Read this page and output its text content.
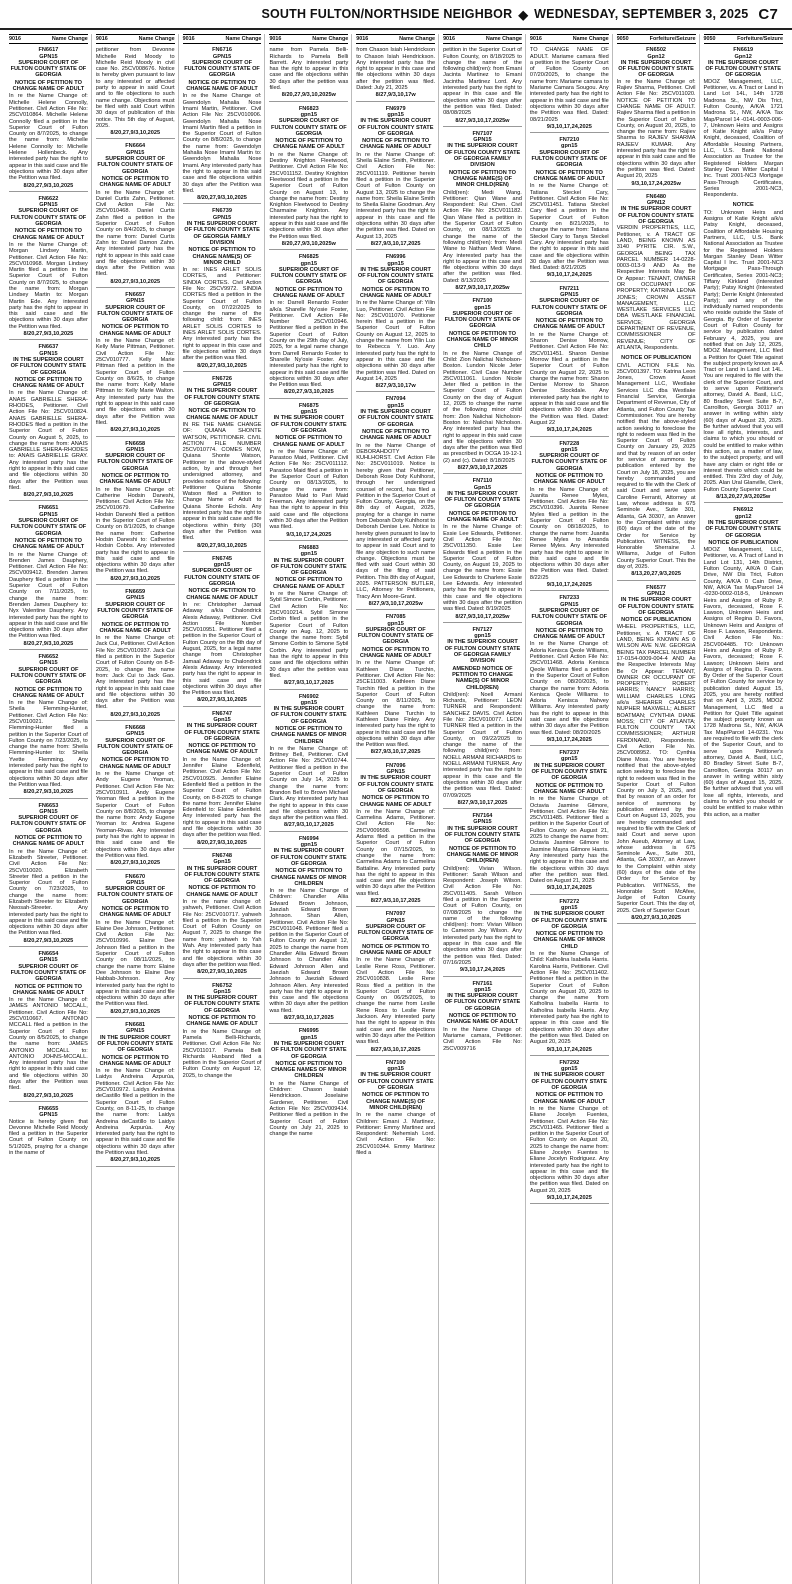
SOUTH FULTON/NORTHSIDE NEIGHBOR ◆ WEDNESDAY, SEPTEMBER 3, 2025 C7
9016	Name Change
FN6617
GPN15
SUPERIOR COURT OF FULTON COUNTY STATE OF GEORGIA
NOTICE OF PETITION TO CHANGE NAME OF ADULT

In re the Name Change of: Michelle Helene Connolly, Petitioner. Civil Action File No: 25CV010864. Michelle Helene Connolly filed a petition in the Superior Court of Fulton County on 8/7/2025, to change the name from: Michelle Helene Connolly to: Michelle Helene Hollenbeck. Any interested party has the right to appear in this said case and file objections within 30 days after the Petition was filed.

8/20,27,9/3,10,2025
FN6622
GPN15
SUPERIOR COURT OF FULTON COUNTY STATE OF GEORGIA
NOTICE OF PETITION TO CHANGE NAME OF ADULT

In re the Name Change of: Morgan Lindsey Martin, Petitioner. Civil Action File No: 25CV010968. Morgan Lindsey Martin filed a petition in the Superior Court of Fulton County on 8/7/2025, to change the name from: Morgan Lindsey Martin to: Morgan Martin Ede. Any interested party has the right to appear in this said case and file objections within 30 days after the Petition was filed.

8/20,27,9/3,10,2025
FN6637
GPN15
IN THE SUPERIOR COURT OF FULTON COUNTY STATE OF GEORGIA
NOTICE OF PETITION TO CHANGE NAME OF ADULT

In re the Name Change of: ANAIS GABRIELLE SHERA-RHODES, Petitioner. Civil Action File No: 25CV010824. ANAIS GABRIELLE SHERA-RHODES filed a petition in the Superior Court of Fulton County on August 5, 2025, to change the name from: ANAIS GABRIELLE SHERA-RHODES to: ANAIS GABRIELLE GRAY. Any interested party has the right to appear in this said case and file objections within 30 days after the Petition was filed.

8/20,27,9/3,10,2025
FN6651
GPN15
SUPERIOR COURT OF FULTON COUNTY STATE OF GEORGIA
NOTICE OF PETITION TO CHANGE NAME OF ADULT

In re the Name Change of: Brenden James Dauphery, Petitioner. Civil Action File No: 25CV009412. Brenden James Dauphery filed a petition in the Superior Court of Fulton County on 7/11/2025, to change the name from: Brenden James Dauphery to: Nyx Valentine Dauphery. Any interested party has the right to appear in this said case and file objections within 30 days after the Petition was filed.

8/20,27,9/3,10,2025
FN6652
GPN15
SUPERIOR COURT OF FULTON COUNTY STATE OF GEORGIA
NOTICE OF PETITION TO CHANGE NAME OF ADULT

In re the Name Change of: Sheila Flemming-Hunter, Petitioner. Civil Action File No: 25CV010021. Sheila Flemming-Hunter filed a petition in the Superior Court of Fulton County on 7/23/2025, to change the name from: Sheila Flemming-Hunter to: Sheila Yvette Flemming. Any interested party has the right to appear in this said case and file objections within 30 days after the Petition was filed.

8/20,27,9/3,10,2025
FN6653
GPN15
SUPERIOR COURT OF FULTON COUNTY STATE OF GEORGIA
NOTICE OF PETITION TO CHANGE NAME OF ADULT

In re the Name Change of: Elizabeth Streeter, Petitioner. Civil Action File No: 25CV010020. Elizabeth Streeter filed a petition in the Superior Court of Fulton County on 7/23/2025, to change the name from: Elizabeth Streeter to: Elizabeth Nwosah-Streeter. Any interested party has the right to appear in this said case and file objections within 30 days after the Petition was filed.

8/20,27,9/3,10,2025
FN6654
GPN15
SUPERIOR COURT OF FULTON COUNTY STATE OF GEORGIA
NOTICE OF PETITION TO CHANGE NAME OF ADULT

In re the Name Change of: JAMES ANTONIO MCCALL, Petitioner. Civil Action File No: 25CV010667. ANTONIO MCCALL filed a petition in the Superior Court of Fulton County on 8/5/2025, to change the name from: JAMES ANTONIO MCCALL to: ANTONIO JOHNS-MCCALL. Any interested party has the right to appear in this said case and file objections within 30 days after the Petition was filed.

8/20,27,9/3,10,2025
FN6655
GPN15

Notice is hereby given that Devonne Michelle Reid Moody filed a petition in the Superior Court of Fulton County on 5/1/2025, praying for a change in the name of

9016	Name Change

petitioner from Devonne Michelle Reid Moody to Michelle Reid Moody in civil case No. 25CV008676. Notice is hereby given pursuant to law to any interested or affected party to appear in said Court and to file objections to such name change. Objections must be filed with said Court within 30 days of publication of this notice. This 5th day of August, 2025.

8/20,27,9/3,10,2025
FN6664
GPN15
SUPERIOR COURT OF FULTON COUNTY STATE OF GEORGIA
NOTICE OF PETITION TO CHANGE NAME OF ADULT

In re the Name Change of: Daniel Curtis Zahn, Petitioner. Civil Action File No: 25CV010468. Daniel Curtis Zahn filed a petition in the Superior Court of Fulton County on 8/4/2025, to change the name from: Daniel Curtis Zahn to: Daniel Damon Zahn. Any interested party has the right to appear in this said case and file objections within 30 days after the Petition was filed.

8/20,27,9/3,10,2025
FN6657
GPN15
SUPERIOR COURT OF FULTON COUNTY STATE OF GEORGIA
NOTICE OF PETITION TO CHANGE NAME OF ADULT

In re the Name Change of: Kelly Marie Pittman, Petitioner. Civil Action File No: 25CV010777. Kelly Marie Pittman filed a petition in the Superior Court of Fulton County on 8/6/25, to change the name from: Kelly Marie Pittman to: Kelly Marie Walton. Any interested party has the right to appear in this said case and file objections within 30 days after the Petition was filed.

8/20,27,9/3,10,2025
FN6658
GPN15
SUPERIOR COURT OF FULTON COUNTY STATE OF GEORGIA
NOTICE OF PETITION TO CHANGE NAME OF ADULT

In re the Name Change of: Catherine Hodsin Daneshi, Petitioner. Civil Action File No: 25CV010679. Catherine Hodsin Daneshi filed a petition in the Superior Court of Fulton County on 8/1/2025, to change the name from: Catherine Hodsin Daneshi to: Catherine Hodsin Cobbs. Any interested party has the right to appear in this said case and file objections within 30 days after the Petition was filed.

8/20,27,9/3,10,2025
FN6659
GPN15
SUPERIOR COURT OF FULTON COUNTY STATE OF GEORGIA
NOTICE OF PETITION TO CHANGE NAME OF ADULT

In re the Name Change of: Jack Cui, Petitioner. Civil Action File No: 25CV010937. Jack Cui filed a petition in the Superior Court of Fulton County on 8-8-2025, to change the name from: Jack Cui to Jack Gao. Any interested party has the right to appear in this said case and file objections within 30 days after the Petition was filed.

8/20,27,9/3,10,2025
FN6668
GPN15
SUPERIOR COURT OF FULTON COUNTY STATE OF GEORGIA
NOTICE OF PETITION TO CHANGE NAME OF ADULT

In re the Name Change of: Andy Eugene Yeoman, Petitioner. Civil Action File No: 25CV010911. Andy Eugene Yeoman filed a petition in the Superior Court of Fulton County on 8/8/2025, to change the name from: Andy Eugene Yeoman to: Andrea Eugene Yeoman-Rivas. Any interested party has the right to appear in this said case and file objections within 30 days after the Petition was filed.

8/20,27,9/3,10,2025
FN6670
GPN15
SUPERIOR COURT OF FULTON COUNTY STATE OF GEORGIA
NOTICE OF PETITION TO CHANGE NAME OF ADULT

In re the Name Change of: Elaine Dee Johnson, Petitioner. Civil Action File No: 25CV010996. Elaine Dee Johnson filed a petition in the Superior Court of Fulton County on 08/11/2025, to change the name from: Elaine Dee Johnson to Elaine Dee Habbab-Johnson. Any interested party has the right to appear in this said case and file objections within 30 days after the Petition was filed.

8/20,27,9/3,10,2025
FN6681
GPN15
IN THE SUPERIOR COURT OF FULTON COUNTY STATE OF GEORGIA
NOTICE OF PETITION TO CHANGE NAME OF ADULT

In re the Name Change of: Laidys Andreina Azpurúa, Petitioner. Civil Action File No: 25CV010972. Laidys Andreina deCastillo filed a petition in the Superior Court of Fulton County, on 8-11-25, to change the name from: Laidys Andreina deCastillo to Laidys Andreina Azpurúa. Any interested party has the right to appear in this said case and file objections within 30 days after the Petition was filed.

8/20,27,9/3,10,2025
9016	Name Change
FN6716
GPN15
SUPERIOR COURT OF FULTON COUNTY STATE OF GEORGIA
NOTICE OF PETITION TO CHANGE NAME OF ADULT

In re the Name Change of: Gwendolyn Mahalia Nose Imami Martin, Petitioner. Civil Action File No: 25CV010906. Gwendolyn Mahalia Nose Imami Martin filed a petition in the Superior Court of Fulton County on 8/8/2025, to change the name from: Gwendolyn Mahalia Nose Imami Martin to: Gwendolyn Mahalia Nose Imami. Any interested party has the right to appear in this said case and file objections within 30 days after the Petition was filed.

8/20,27,9/3,10,2025
FN6739
GPN15
IN THE SUPERIOR COURT OF FULTON COUNTY STATE OF GEORGIA FAMILY DIVISION
NOTICE OF PETITION TO CHANGE NAME(S) OF MINOR CHILD

In re: INES ARLET SOLIS CORTES, and Petitioner: SINDIA CORTES. Civil Action File No: 25CV9972. SINDIA CORTES filed a petition in the Superior Court of Fulton County, on 07/22/2025 to change the name of the following child: from: INES ARLET SOLIS CORTES to INES ARLET SOLIS CORTES. Any interested party has the right to appear in this case and file objections within 30 days after the petition was filed.

8/20,27,9/3,10,2025
FN6726
GPN15
IN THE SUPERIOR COURT OF FULTON COUNTY STATE OF GEORGIA
NOTICE OF PETITION TO CHANGE NAME OF ADULT

IN RE THE NAME CHANGE OF: QUIANA SHONTE WATSON, PETITIONER. CIVIL ACTION FILE NUMBER 25CV010774. COMES NOW, Quiana Shonte Watson, Petitioner in the above-styled action, by and through her undersigned attorney, and provides notice of the following: Petitioner Quiana Shonte Watson filed a Petition to Change Name of Adult to Quiana Shonte Echols. Any interested party has the right to appear in this said case and file objections within thirty (30) days after the Petition was filed.

8/20,27,9/3,10,2025
FN6745
gpn15
SUPERIOR COURT OF FULTON COUNTY STATE OF GEORGIA
NOTICE OF PETITION TO CHANGE NAME OF ADULT

In re: Christopher Jamaal Adaway a/k/a Chalondrick Alexis Adaway, Petitioner. Civil Action File Number 25CV010951. Petitioner filed a petition in the Superior Court of Fulton County on the 8th day of August, 2025, for a legal name change from Christopher Jamaal Adaway to Chalondrick Alexis Adaway. Any interested party has the right to appear in this said case and file objections within 30 days after the Petition was filed.

8/20,27,9/3,10,2025
FN6747
Gpn15
IN THE SUPERIOR COURT OF FULTON COUNTY STATE OF GEORGIA
NOTICE OF PETITION TO CHANGE NAME OF ADULT

In re the Name Change of: Jennifer Elaine Edenfield, Petitioner. Civil Action File No: 25CV010925. Jennifer Elaine Edenfield filed a petition in the Superior Court of Fulton County, on 8-8-2025 to change the name from: Jennifer Elaine Edenfield to: Elaine Edenfield. Any interested party has the right to appear in this said case and file objections within 30 days after the petition was filed.

8/20,27,9/3,10,2025
FN6748
Gpn15
IN THE SUPERIOR COURT OF FULTON COUNTY STATE OF GEORGIA
NOTICE OF PETITION TO CHANGE NAME OF ADULT

In re the name change of: yahweh, Petitioner. Civil Action File No: 25CV010717. yahweh filed a petition in the Superior Court of Fulton County on August 7, 2025 to change the name from: yahweh to Yah Wah. Any interested party has the right to appear in this case and file objections within 30 days after the petition was filed.

8/20,27,9/3,10,2025
FN6752
Gpn15
IN THE SUPERIOR COURT OF FULTON COUNTY STATE OF GEORGIA
NOTICE OF PETITION TO CHANGE NAME OF ADULT

In re the Name Change of: Pamela Belli-Richards, Petitioner. Civil Action File No: 25CV011017. Pamela Belli Richards Husband filed a petition in the Superior Court of Fulton County on August 12, 2025, to change the

9016	Name Change

name from Pamela Belli-Richards to Pamela Belli Barrett. Any interested party has the right to appear in this case and file objections within 30 days after the petition was filed.

8/20,27,9/3,10,2025w
FN6823
gpn15
SUPERIOR COURT OF FULTON COUNTY STATE OF GEORGIA
NOTICE OF PETITION TO CHANGE NAME OF ADULT

In re the Name Change of: Destiny Knighton Fleetwood, Petitioner. Civil Action File No: 25CV011152. Destiny Knighton Fleetwood filed a petition in the Superior Court of Fulton County on August 13, to change the name from: Destiny Knighton Fleetwood to Destiny Charmaine Knighton. Any interested party has the right to appear in this said case and file objections within 30 days after the Petition was filed.

8/20,27,9/3,10,2025w
FN6825
gpn15
SUPERIOR COURT OF FULTON COUNTY STATE OF GEORGIA
NOTICE OF PETITION TO CHANGE NAME OF ADULT

In re: Darrell Renardo Foster a/k/a Sharelle Ny'osie Foster, Petitioner. Civil Action File Number 25CV010946. Petitioner filed a petition in the Superior Court of Fulton County on the 29th day of July, 2025, for a legal name change from Darrell Renardo Foster to Sharelle Ny'osie Foster. Any interested party has the right to appear in this said case and file objections within 30 days after the Petition was filed.

8/20,27,9/3,10,2025
FN6875
gpn15
IN THE SUPERIOR COURT OF FULTON COUNTY STATE OF GEORGIA
NOTICE OF PETITION TO CHANGE NAME OF ADULT

In re the Name Change of: Parastoo Maid, Petitioner. Civil Action File No: 25CV011112. Parastoo Maid filed a petition in the Superior Court of Fulton County on 08/13/2025, to change the name from: Parastoo Maid to Pari Maid Freeman. Any interested party has the right to appear in this said case and file objections within 30 days after the Petition was filed.

9/3,10,17,24,2025
FN6883
gpn15
IN THE SUPERIOR COURT OF FULTON COUNTY STATE OF GEORGIA
NOTICE OF PETITION TO CHANGE NAME OF ADULT

In re the Name Change of: Sybil Simone Corbin, Petitioner. Civil Action File No: 25CV010214. Sybil Simone Corbin filed a petition in the Superior Court of Fulton County on Aug. 12, 2025 to change the name from: Sybil Simone Corbin to Simone Sybil Corbin. Any interested party has the right to appear in this case and file objections within 30 days after the petition was filed.

8/27,9/3,10,17,2025
FN6902
gpn15
IN THE SUPERIOR COURT OF FULTON COUNTY STATE OF GEORGIA
NOTICE OF PETITION TO CHANGE NAMES OF MINOR CHILDREN

In re the Name Change of: Brittney Bell, Petitioner. Civil Action File No: 25CV010744. Petitioner filed a petition in the Superior Court of Fulton County on July 14, 2025 to change the name from: Brandon Bell to Brown Michael Clark. Any interested party has the right to appear in this case and file objections within 30 days after the petition was filed.

8/27,9/3,10,17,2025
FN6994
gpn15
IN THE SUPERIOR COURT OF FULTON COUNTY STATE OF GEORGIA
NOTICE OF PETITION TO CHANGE NAMES OF MINOR CHILDREN

In re the Name Change of Children: Chandler Aliia Edward Brown Johnson, Jaeziah Edward Brown Johnson. Shan Allen, Petitioner. Civil Action File No: 25CV011048. Petitioner filed a petition in the Superior Court of Fulton County on August 12, 2025 to change the name from Chandler Aliia Edward Brown Johnson to Chandler Aliia Edward Johnson Allen and Jaeziah Edward Brown Johnson to Jaeziah Edward Johnson Allen. Any interested party has the right to appear in this case and file objections within 30 days after the petition was filed.

8/27,9/3,10,17,2025
FN6995
gpn15
IN THE SUPERIOR COURT OF FULTON COUNTY STATE OF GEORGIA
NOTICE OF PETITION TO CHANGE NAMES OF MINOR CHILDREN

In re the Name Change of Children: Chason Isaiah Hendrickson. Joselaine Gardener, Petitioner. Civil Action File No: 25CV009414. Petitioner filed a petition in the Superior Court of Fulton County on July 21, 2025 to change the name

9016	Name Change

from Chason Isiah Hendrickson to Chason Isiah Hendrickson. Any interested party has the right to appear in this case and file objections within 30 days after the petition was filed. Dated: July 21, 2025

8/27,9/3,10,17w
FN6979
gpn15
IN THE SUPERIOR COURT OF FULTON COUNTY STATE OF GEORGIA
NOTICE OF PETITION TO CHANGE NAME OF ADULT

In re the Name Change of: Sheila Elaine Smith, Petitioner. Civil Action File No: 25CV011119. Petitioner herein filed a petition in the Superior Court of Fulton County on August 13, 2025 to change the name from: Sheila Elaine Smith to Sheila Elaine Goodman. Any interested party has the right to appear in this case and file objections within 30 days after the petition was filed. Dated on August 13, 2025

8/27,9/3,10,17,2025
FN6996
gpn15
IN THE SUPERIOR COURT OF FULTON COUNTY STATE OF GEORGIA
NOTICE OF PETITION TO CHANGE NAME OF ADULT

In re the Name Change of: Yilin Luo, Petitioner. Civil Action File No: 25CV011070. Petitioner herein filed a petition in the Superior Court of Fulton County on August 12, 2025 to change the name from Yilin Luo to Rebecca Y. Luo. Any interested party has the right to appear in this case and file objections within 30 days after the petition was filed. Dated on August 14, 2025

8/27,9/3,10,17w
FN7094
gpn15
IN THE SUPERIOR COURT OF FULTON COUNTY STATE OF GEORGIA
NOTICE OF PETITION TO CHANGE NAME OF ADULT

In re the Name Change of DEBORAHDOTY KUHLHORST. Civil Action File No: 25CV011019. Notice is hereby given that Petitioner, Deborah Rose Doty Kuhlhorst, through her undersigned counsel of record, has filed a Petition in the Superior Court of Fulton County, Georgia, on the 8th day of August, 2025, praying for a change in name from Deborah Doty Kuhlhorst to Deborah Denise Lee. Notice is hereby given pursuant to law to any interested or affected party to appear in said Court and to file any objection to such name change. Objections must be filed with said Court within 30 days of the filing of said Petition. This 8th day of August, 2025. PATTERSON BUTLER, LLC, Attorney for Petitioners, Tracy Ann Moore-Grant.

8/27,9/3,10,17,2025w
FN7085
gpn15
SUPERIOR COURT OF FULTON COUNTY STATE OF GEORGIA
NOTICE OF PETITION TO CHANGE NAME OF ADULT

In re the Name Change of: Kathleen Diane Turchin, Petitioner. Civil Action File No: 25CE11003. Kathleen Diane Turchin filed a petition in the Superior Court of Fulton County on 8/11/2025, to change the name from: Kathleen Diane Turchin to Kathleen Diane Finley. Any interested party has the right to appear in this said case and file objections within 30 days after the Petition was filed.

8/27,9/3,10,17,2025
FN7096
GPN15
IN THE SUPERIOR COURT OF FULTON COUNTY STATE OF GEORGIA
NOTICE OF PETITION TO CHANGE NAME OF ADULT

In re the Name Change of: Carmelina Adams, Petitioner. Civil Action File No: 25CV009598. Carmelina Adams filed a petition in the Superior Court of Fulton County on 07/15/2025, to change the name from: Carmelina Adams to Carmelina Battaline. Any interested party has the right to appear in this said case and file objections within 30 days after the Petition was filed.

8/27,9/3,10,17,2025
FN7097
GPN15
SUPERIOR COURT OF FULTON COUNTY STATE OF GEORGIA
NOTICE OF PETITION TO CHANGE NAME OF ADULT

In re the Name Change of: Leslie Rene Ross, Petitioner. Civil Action File No: 25CV010838. Leslie Rene Ross filed a petition in the Superior Court of Fulton County on 06/25/2025, to change the name from Leslie Rene Ross to Leslie Rene Jackson. Any interested party has the right to appear in this said case and file objections within 30 days after the Petition was filed.

8/27,9/3,10,17,2025
FN7100
gpn15
IN THE SUPERIOR COURT OF FULTON COUNTY STATE OF GEORGIA
NOTICE OF PETITION TO CHANGE NAME(S) OF MINOR CHILD(REN)

In re the name change of Children: Emani J. Martinez, Petitioner: Emmy Martinez and Respondent: Nehemiah Lord. Civil Action File No: 25CV010344. Emmy Martinez filed a

9016	Name Change

petition in the Superior Court of Fulton County, on 8/18/2025 to change the name of the following child(ren): from Emani Jacinta Martinez to Emani Jacintha Martinez Lord. Any interested party has the right to appear in this case and file objections within 30 days after the petition was filed. Dated: 08/08/2025

8/27,9/3,10,17,2025w
FN7107
GPN15
IN THE SUPERIOR COURT OF FULTON COUNTY STATE OF GEORGIA FAMILY DIVISION
NOTICE OF PETITION TO CHANGE NAME(S) OF MINOR CHILD(REN)

Child(ren): Medi Wang. Petitioner: Qian Wane and Respondent: Rui Chen. Civil Action File No: 25CV011182. Qian Wane filed a petition in the Superior Court of Fulton County, on 08/13/2025 to change the name of the following child(ren): from: Medi Wane to Nathan Medi Wane. Any interested party has the right to appear in this case and file objections within 30 days after the petition was filed. Dated: 8/13/2025

8/27,9/3,10,17,2025w
FN7100
gpn15
SUPERIOR COURT OF FULTON COUNTY STATE OF GEORGIA
NOTICE OF PETITION TO CHANGE NAME OF MINOR CHILD

In re the Name Change of Child: Zion Nalichai Nicholson-Boston. Lundon Nicole Jeter Petitioner. Civil Case Number 25CV011061. Lundon Nicole Jeter filed a petition in the Superior Court of Fulton County on the day of August 12, 2025 to change the name of the following minor child from: Zion Nalichai Nicholson-Boston to: Nalichai Nicholson. Any interested party has the right to appear in this said case and file objections within 30 days after the petition was filed as prescribed in OCGA 19-12-1 (2) and (c). Dated: 8/18/2025

8/27,9/3,10,17,2025
FN7110
Gpn15
IN THE SUPERIOR COURT OF FULTON COUNTY STATE OF GEORGIA
NOTICE OF PETITION TO CHANGE NAME OF ADULT

In re the Name Change of: Essie Lee Edwards, Petitioner. Civil Action File No: 25CV011350. Essie Lee Edwards filed a petition in the Superior Court of Fulton County, on August 19, 2025 to change the name from: Essie Lee Edwards to Charlene Essie Lee Edwards. Any interested party has the right to appear in this case and file objections within 30 days after the petition was filed. Dated: 8/19/2025

8/27,9/3,10,17,2025w
FN7127
gpn15
IN THE SUPERIOR COURT OF FULTON COUNTY STATE OF GEORGIA FAMILY DIVISION
AMENDED NOTICE OF PETITION TO CHANGE NAME(S) OF MINOR CHILD(REN)

Child(ren): Noell Armani Richards, Petitioner: LEON TURNER and Respondent: SANCHEZ DAVIS. Civil Action File No: 25CV010077. LEON TURNER filed a petition in the Superior Court of Fulton County, on 09/22/2025 to change the name of the following child(ren): from: NOELL ARMANI RICHARDS to NOELL ARMANI TURNER. Any interested party has the right to appear in this case and file objections within 30 days after the petition was filed. Dated: 07/09/2025

8/27,9/3,10,17,2025
FN7164
GPN15
IN THE SUPERIOR COURT OF FULTON COUNTY STATE OF GEORGIA
NOTICE OF PETITION TO CHANGE NAME OF MINOR CHILD(REN)

Child(ren): Vivian Wilson. Petitioner: Sarah Wilson and Respondent: Joseph Wilson. Civil Action File No: 25CV011405. Sarah Wilson filed a petition in the Superior Court of Fulton County, on 07/08/2025 to change the name of the following child(ren): from: Vivian Wilson to Cameron Joy Wilson. Any interested party has the right to appear in this case and file objections within 30 days after the petition was filed. Dated: 07/16/2025

9/3,10,17,24,2025
FN7161
gpn15
IN THE SUPERIOR COURT OF FULTON COUNTY STATE OF GEORGIA
NOTICE OF PETITION TO CHANGE NAME OF ADULT

In re the Name Change of: Mariame camara, Petitioner. Civil Action File No: 25CV009716

9016	Name Change

TO CHANGE NAME OF ADULT. Mariame camara filed a petition in the Superior Court of Fulton County on 07/20/2025, to change the name from: Mariame camara to Mariame Camara Sougou. Any interested party has the right to appear in this said case and file objections within 30 days after the Petition was filed. Dated: 08/21/2025

9/3,10,17,24,2025
FN7210
gpn15
SUPERIOR COURT OF FULTON COUNTY STATE OF GEORGIA
NOTICE OF PETITION TO CHANGE NAME OF ADULT

In re the Name Change of: Tatiana Steckel Cary, Petitioner. Civil Action File No: 25CV011451. Tatiana Steckel Cary filed a petition in the Superior Court of Fulton County on 8/21/2025, to change the name from: Tatiana Steckel Cary to Tanya Steckel Cary. Any interested party has the right to appear in this said case and file objections within 30 days after the Petition was filed. Dated: 8/21/2025

9/3,10,17,24,2025
FN7211
GPN15
SUPERIOR COURT OF FULTON COUNTY STATE OF GEORGIA
NOTICE OF PETITION TO CHANGE NAME OF ADULT

In re the Name Change of: Sharon Denise Morrow, Petitioner. Civil Action File No: 25CV011451. Sharon Denise Morrow filed a petition in the Superior Court of Fulton County on August 22, 2025 to change the name from: Sharon Denise Morrow to Sharon Denise Stockdale. Any interested party has the right to appear in this said case and file objections within 30 days after the Petition was filed. Dated: August 22

9/3,10,17,24,2025
FN7228
gpn15
SUPERIOR COURT OF FULTON COUNTY STATE OF GEORGIA
NOTICE OF PETITION TO CHANGE NAME OF ADULT

In re the Name Change of: Juanita Renee Myles, Petitioner. Civil Action File No: 25CV010396. Juanita Renee Myles filed a petition in the Superior Court of Fulton County on 08/18/2025, to change the name from: Juanita Renee Myles to Amanda Renee Myles. Any interested party has the right to appear in this said case and file objections within 30 days after the Petition was filed. Dated: 8/22/25

9/3,10,17,24,2025
FN7233
GPN15
SUPERIOR COURT OF FULTON COUNTY STATE OF GEORGIA
NOTICE OF PETITION TO CHANGE NAME OF ADULT

In re the Name Change of: Adoria Kenisca Qeole Williams, Petitioner. Civil Action File No: 25CV011468. Adoria Kenisca Qeole Williams filed a petition in the Superior Court of Fulton County on 08/20/2025, to change the name from: Adoria Kenisca Qeole Williams to Adoria Kenisca Nahvey Williams. Any interested party has the right to appear in this said case and file objections within 30 days after the Petition was filed. Dated: 08/20/2025

9/3,10,17,24,2025
FN7237
gpn15
IN THE SUPERIOR COURT OF FULTON COUNTY STATE OF GEORGIA
NOTICE OF PETITION TO CHANGE NAME OF ADULT

In re the Name Change of: Octavia Jasmine Gilmore, Petitioner. Civil Action File No: 25CV011485. Petitioner filed a petition in the Superior Court of Fulton County on August 21, 2025 to change the name from: Octavia Jasmine Gilmore to Jasmine Mayra Gilmore Harris. Any interested party has the right to appear in this case and file objections within 30 days after the petition was filed. Dated on August 21, 2025

9/3,10,17,24,2025
FN7272
gpn15
IN THE SUPERIOR COURT OF FULTON COUNTY STATE OF GEORGIA
NOTICE OF PETITION TO CHANGE NAME OF MINOR CHILD

In re the Name Change of Child: Katholina Isabella Harris. Karolina Harris, Petitioner. Civil Action File No: 25CV011402. Petitioner filed a petition in the Superior Court of Fulton County on August 20, 2025 to change the name from Katholina Isabella Harris to Katholina Isabella Harris. Any interested party has the right to appear in this case and file objections within 30 days after the petition was filed. Dated on August 20, 2025

9/3,10,17,24,2025
FN7292
gpn15
IN THE SUPERIOR COURT OF FULTON COUNTY STATE OF GEORGIA
NOTICE OF PETITION TO CHANGE NAME OF ADULT

In re the Name Change of: Eliane Jocelyn Fuentes, Petitioner. Civil Action File No: 25CV011465. Petitioner filed a petition in the Superior Court of Fulton County on August 20, 2025 to change the name from: Eliane Jocelyn Fuentes to Eliane Jocelyn Rodriguez. Any interested party has the right to appear in this case and file objections within 30 days after the petition was filed. Dated on August 20, 2025

9/3,10,17,24,2025
9050	Forfeiture/Seizure
FN6502
Gpn12
IN THE SUPERIOR COURT OF FULTON COUNTY STATE OF GEORGIA

In re the Name Change of: Rajiev Sharma, Petitioner. Civil Action File No: 25CV011020. NOTICE OF PETITION TO CHANGE NAME OF ADULT. Rajiev Sharma filed a petition in the Superior Court of Fulton County, on August 20, 2025, to change the name from: Rajiev Sharma to RAJIEV SHARMA RAJEEV KUMAR. Any interested party has the right to appear in this said case and file objections within 30 days after the petition was filed. Dated: August 20, 2025

9/3,10,17,24,2025w
FN6480
GPN12
IN THE SUPERIOR COURT OF FULTON COUNTY STATE OF GEORGIA

VERDIN PROPERTIES, LLC, Petitioner, v. A TRACT OF LAND, BEING KNOWN AS 3140 PYRITE CIR. S.W., GEORGIA BEING TAX PARCEL NUMBER 14-0228-0003-013-9 AND As the Respective Interests May Be Or Appear: TENANT, OWNER OR OCCUPANT OF PROPERTY; KATRINA LEONA JONES; CROWN ASSET MANAGEMENT, LLC; WESTLAKE SERVICES LLC DBA WESTLAKE FINANCIAL SERVICE; GEORGIA DEPARTMENT OF REVENUE, COMMISSIONER OF REVENUE; CITY OF ATLANTA, Respondents.

NOTICE OF PUBLICATION

CIVIL ACTION FILE No. 25CV001397. TO: Katrina Leon Jones, Crown Asset Management LLC, Westlake Services LLC dba Westlake Financial Service, Georgia Department of Revenue, City of Atlanta, and Fulton County Tax Commissioner. You are hereby notified that the above-styled action seeking to foreclose the right to redeem was filed in the Superior Court of Fulton County on January 29, 2025 and that by reason of an order for service of summons by publication entered by the Court on July 18, 2025, you are hereby commanded and required to file with the Clerk of said Court and serve upon Caroline Ferranti, Attorney at Law, whose address is 675 Seminole Ave., Suite 301, Atlanta, GA 30307, an Answer to the Complaint within sixty (60) days of the date of the Order for Service by Publication. WITNESS, the Honorable Sherraine J. Williams, Judge of Fulton County Superior Court. This the day of, 2025.

8/13,20,27,9/3,2025
FN6577
GPN12
IN THE SUPERIOR COURT OF FULTON COUNTY STATE OF GEORGIA
NOTICE OF PUBLICATION

WHEEL PROPERTIES, LLC, Petitioner, v. A TRACT OF LAND, BEING KNOWN AS 0 WILSON AVE N.W. GEORGIA BEING TAX PARCEL NUMBER 17-0154-0009-004-4 AND As the Respective Interests May Be Or Appear: TENANT, OWNER OR OCCUPANT OF PROPERTY; ROBERT HARRIS; NANCY HARRIS; WILLIAM CHARLES LONG a/k/a SHEARER CHARLES NUPHER MAXWELL; ALBERT BOATMAN; CYNTHIA DIANE MOSS; CITY OF ATLANTA; FULTON COUNTY TAX COMMISSIONER; ARTHUR FERDINAND, Respondents. Civil Action File No. 25CV008952. TO: Cynthia Diane Moss. You are hereby notified that the above-styled action seeking to foreclose the right to redeem was filed in the Superior Court of Fulton County on July 3, 2025, and that by reason of an order for service of summons by publication entered by the Court on August 13, 2025, you are hereby commanded and required to file with the Clerk of said Court and serve upon John Aueub, Attorney at Law, whose address is 675 Seminole Ave., Suite 301, Atlanta, GA 30307, an Answer to the Complaint within sixty (60) days of the date of the Order for Service by Publication. WITNESS, the Honorable Scott McAfee, Judge of Fulton County Superior Court. This the day of, 2025. Clerk of Superior Court

8/20,27,9/3,10,2025
9050	Forfeiture/Seizure
FN6619
Gpn12
IN THE SUPERIOR COURT OF FULTON COUNTY STATE OF GEORGIA

MDOZ Management, LLC, Petitioner, vs. A Tract or Land in Land Lot 14L, 14th 1728 Madrona St., NW Dis Trict, Fulton County, A/K/A 1721 Madrona St., NW, A/K/A Tax Map/Parcel 14 -014L-0003-006-7, Unknown Heirs and Assigns of Katie Knight a/k/a Patsy Knight, deceased, Coalition of Affordable Housing Partners, LLC, U.S. Bank National Association as Trustee for the Registered Holders Margan Stanley Dean Witter Capital I Inc. Trust 2001-NC3 Mortgage Pass-Through Certificates, Series 2001-NC3, Respondents.

NOTICE

TO: Unknown Heirs and Assigns of Katie Knight a/k/a Patsy Knight, deceased, Coalition of Affordable Housing Partners, LLC, U.S. Bank National Association as Trustee for the Registered Holders Margan Stanley Dean Witter Capital I Inc. Trust 2001-NC3 Mortgage Pass-Through Certificates, Series 2001-NC3; Tiffany Kirkland (Interested Party); Patsy Knight (Interested Party); Derrie Knight (Interested Party); and any of the individually named respondents who reside outside the State of Georgia. By Order of Superior Court of Fulton County for service by publication dated February 4, 2025, you are notified that on July 12, 2025, MDOZ Management, LLC filed a Petition for Quiet Title against the subject property known as A Tract or Land in Land Lot 14L. You are required to file with the clerk of the Superior Court, and to serve upon Petitioner's attorney, David A. Basil, LLC, 80 Bradley Street Suite B-7, Carrollton, Georgia 30117 an answer in writing within sixty (60) days of August 23, 2025. Be further advised that you will lose all rights, interests, and claims to which you should or could be entitled to make within this action, as a matter of law, to the subject property, and will have any claim or right title or interest thereto which could be entitled. This 23rd day of July, 2025. Alan Ural Glanville, Clerk, Fulton County Superior Court

8/13,20,27,9/3,2025w
FN6912
gpn12
IN THE SUPERIOR COURT OF FULTON COUNTY STATE OF GEORGIA
NOTICE OF PUBLICATION

MDOZ Management, LLC, Petitioner, vs. A Tract of Land in Land Lot 131, 14th District, Fulton County, A/K/A 0 Cain Drive, NW Dis Trict, Fulton County, A/K/A 0 Cain Drive, NW, A/K/A Tax Map/Parcel 14 -0230-0002-018-5, Unknown Heirs and Assigns of Ruby P. Favors, deceased, Rose F. Lawson, Unknown Heirs and Assigns of Regina D. Favors, Unknown Heirs and Assigns of Rose F. Lawson, Respondents. Civil Action File No.: 25CV004485. TO: Unknown Heirs and Assigns of Ruby P. Favors, deceased; Rose F. Lawson; Unknown Heirs and Assigns of Regina D. Favors. By Order of the Superior Court of Fulton County for service by publication dated August 15, 2025, you are hereby notified that on April 3, 2025, MDOZ Management, LLC filed a Petition for Quiet Title against the subject property known as 1728 Madrona St., NW, A/K/A Tax Map/Parcel 14-0231. You are required to file with the clerk of the Superior Court, and to serve upon Petitioner's attorney, David A. Basil, LLC, 80 Bradley Street Suite B-7, Carrollton, Georgia 30117 an answer in writing within sixty (60) days of August 15, 2025. Be further advised that you will lose all rights, interests, and claims to which you should or could be entitled to make within this action, as a matter
